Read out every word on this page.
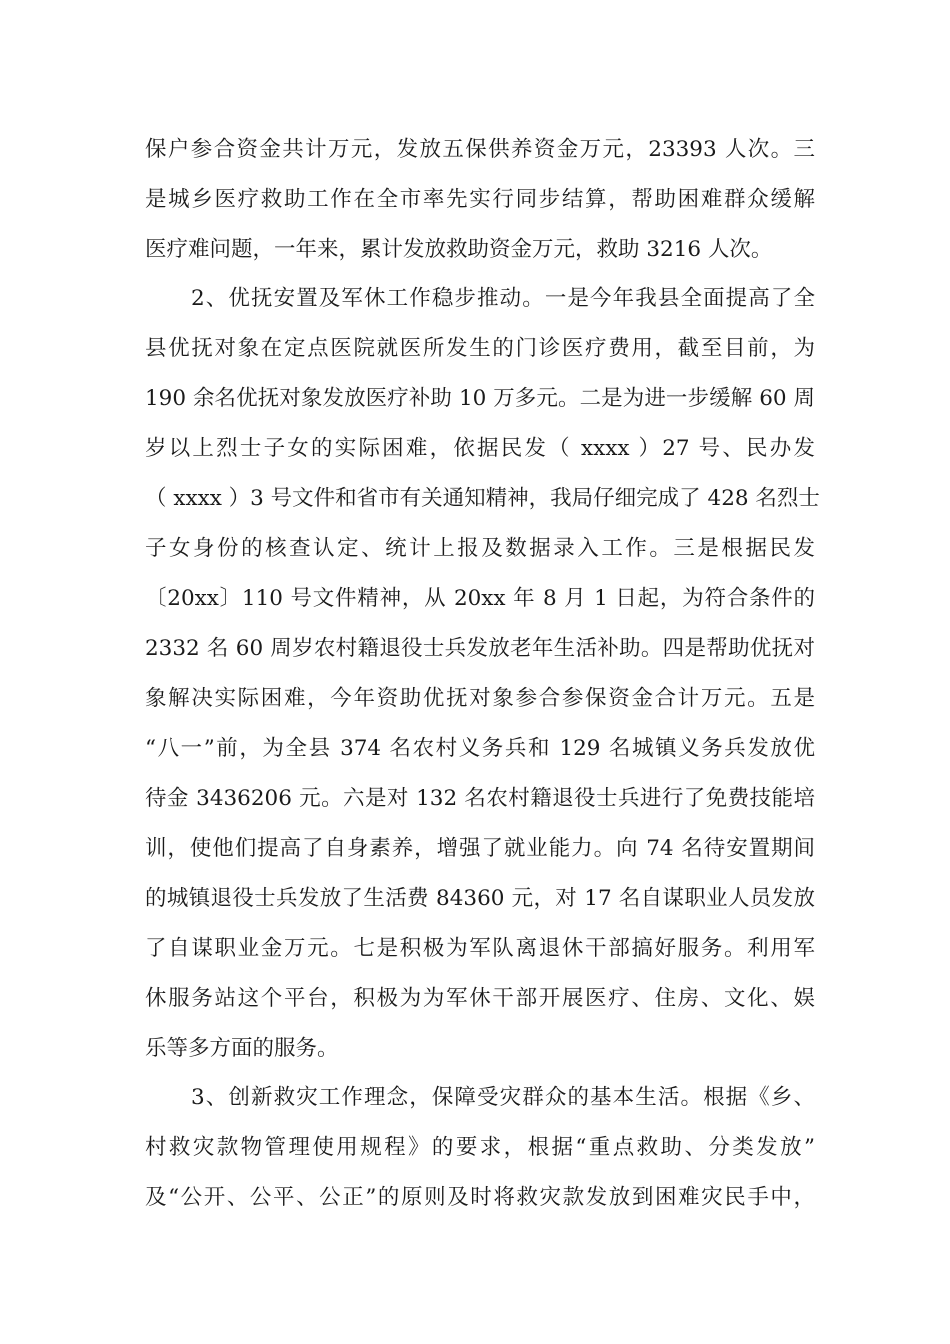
保户参合资金共计万元，发放五保供养资金万元，23393 人次。三
是城乡医疗救助工作在全市率先实行同步结算，帮助困难群众缓解
医疗难问题，一年来，累计发放救助资金万元，救助 3216 人次。
2、优抚安置及军休工作稳步推动。一是今年我县全面提高了全
县优抚对象在定点医院就医所发生的门诊医疗费用，截至目前，为
190 余名优抚对象发放医疗补助 10 万多元。二是为进一步缓解 60 周
岁以上烈士子女的实际困难，依据民发（ xxxx ）27 号、民办发
（ xxxx ）3 号文件和省市有关通知精神，我局仔细完成了 428 名烈士
子女身份的核查认定、统计上报及数据录入工作。三是根据民发
〔20xx〕110 号文件精神，从 20xx 年 8 月 1 日起，为符合条件的
2332 名 60 周岁农村籍退役士兵发放老年生活补助。四是帮助优抚对
象解决实际困难，今年资助优抚对象参合参保资金合计万元。五是
“八一”前，为全县 374 名农村义务兵和 129 名城镇义务兵发放优
待金 3436206 元。六是对 132 名农村籍退役士兵进行了免费技能培
训，使他们提高了自身素养，增强了就业能力。向 74 名待安置期间
的城镇退役士兵发放了生活费 84360 元，对 17 名自谋职业人员发放
了自谋职业金万元。七是积极为军队离退休干部搞好服务。利用军
休服务站这个平台，积极为为军休干部开展医疗、住房、文化、娱
乐等多方面的服务。
3、创新救灾工作理念，保障受灾群众的基本生活。根据《乡、
村救灾款物管理使用规程》的要求，根据“重点救助、分类发放”
及“公开、公平、公正”的原则及时将救灾款发放到困难灾民手中，
